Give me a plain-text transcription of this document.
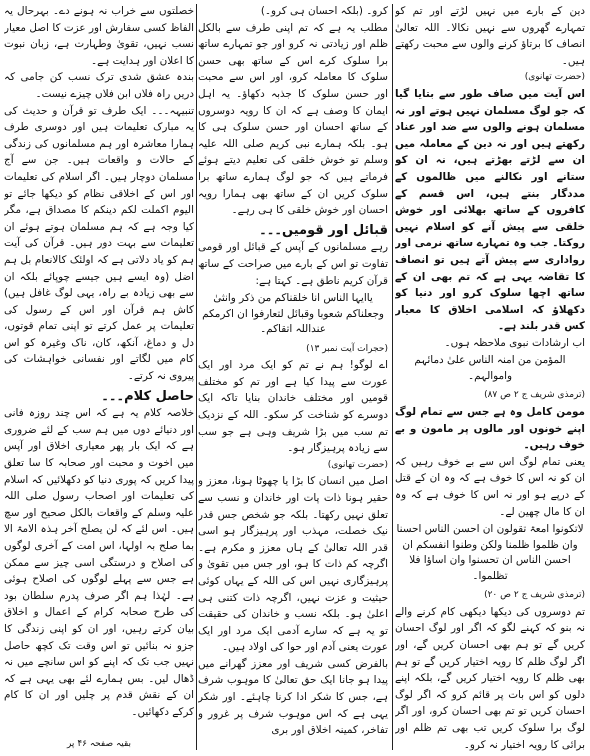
دین کے بارے میں نہیں لڑتے اور تم کو تمہارے گھروں سے نہیں نکالا۔ اللہ تعالیٰ انصاف کا برتاؤ کرنے والوں سے محبت رکھتے ہیں۔

(حضرت تھانوی)

اس آیت میں صاف طور سے بتایا گیا کہ جو لوگ مسلمان نہیں ہوتے اور نہ مسلمان ہونے والوں سے ضد اور عناد رکھتے ہیں اور نہ دین کے معاملہ میں ان سے لڑتے بھڑتے ہیں، نہ ان کو ستانے اور نکالنے میں ظالموں کے مددگار بنتے ہیں، اس قسم کے کافروں کے ساتھ بھلائی اور خوش خلقی سے پیش آنے کو اسلام نہیں روکتا۔ جب وہ تمہارے ساتھ نرمی اور رواداری سے پیش آتے ہیں تو انصاف کا تقاضہ یہی ہے کہ تم بھی ان کے ساتھ اچھا سلوک کرو اور دنیا کو دکھلاؤ کہ اسلامی اخلاق کا معیار کس قدر بلند ہے۔

اب ارشادات نبوی ملاحظہ ہوں۔

المؤمن من امنہ الناس علیٰ دمائہم واموالہم۔

(ترمذی شریف ج ۲ ص ۸۷)

مومن کامل وہ ہے جس سے تمام لوگ اپنے خونوں اور مالوں پر مامون و بے خوف رہیں۔

یعنی تمام لوگ اس سے بے خوف رہیں کہ ان کو نہ اس کا خوف ہے کہ وہ ان کے قتل کے درپے ہو اور نہ اس کا خوف ہے کہ وہ ان کا مال چھین لے۔

لاتکونوا امعۃ تقولون ان احسن الناس احسنا وان ظلموا ظلمنا ولکن وطنوا انفسکم ان احسن الناس ان تحسنوا وان اساؤا فلا تظلموا۔

(ترمذی شریف ج ۲ ص ۲۰)

تم دوسروں کی دیکھا دیکھی کام کرنے والے نہ بنو کہ کہنے لگو کہ اگر اور لوگ احسان کریں گے تو ہم بھی احسان کریں گے، اور اگر لوگ ظلم کا رویہ اختیار کریں گے تو ہم بھی ظلم کا رویہ اختیار کریں گے، بلکہ اپنے دلوں کو اس بات پر قائم کرو کہ اگر لوگ احسان کریں تو تم بھی احسان کرو، اور اگر لوگ برا سلوک کریں تب بھی تم ظلم اور برائی کا رویہ اختیار نہ کرو۔

کرو۔ (بلکہ احسان ہی کرو۔)

مطلب یہ ہے کہ تم اپنی طرف سے بالکل ظلم اور زیادتی نہ کرو اور جو تمہارے ساتھ برا سلوک کرے اس کے ساتھ بھی حسن سلوک کا معاملہ کرو، اور اس سے محبت اور حسن سلوک کا جذبہ دکھاؤ۔ یہ اہل ایمان کا وصف ہے کہ ان کا رویہ دوسروں کے ساتھ احسان اور حسن سلوک ہی کا ہو۔ بلکہ ہمارے نبی کریم صلی اللہ علیہ وسلم تو خوش خلقی کی تعلیم دیتے ہوئے فرماتے ہیں کہ جو لوگ ہمارے ساتھ برا سلوک کریں ان کے ساتھ بھی ہمارا رویہ احسان اور خوش خلقی کا ہی رہے۔

قبائل اور قومیں۔۔۔

رہے مسلمانوں کے آپس کے قبائل اور قومی تفاوت تو اس کے بارے میں صراحت کے ساتھ قرآن کریم ناطق ہے۔ کہتا ہے:

یاایہا الناس انا خلقناکم من ذکر وانثیٰ وجعلناکم شعوبا وقبائل لتعارفوا ان اکرمکم عنداللہ اتقاکم۔

(حجرات آیت نمبر ۱۳)

اے لوگو! ہم نے تم کو ایک مرد اور ایک عورت سے پیدا کیا ہے اور تم کو مختلف قومیں اور مختلف خاندان بنایا تاکہ ایک دوسرے کو شناخت کر سکو۔ اللہ کے نزدیک تم سب میں بڑا شریف وہی ہے جو سب سے زیادہ پرہیزگار ہو۔

(حضرت تھانوی)

اصل میں انسان کا بڑا یا چھوٹا ہونا، معزز و حقیر ہونا ذات پات اور خاندان و نسب سے تعلق نہیں رکھتا۔ بلکہ جو شخص جس قدر نیک خصلت، مہذب اور پرہیزگار ہو اسی قدر اللہ تعالیٰ کے ہاں معزز و مکرم ہے۔ اگرچہ کم ذات کا ہو، اور جس میں تقویٰ و پرہیزگاری نہیں اس کی اللہ کے یہاں کوئی حیثیت و عزت نہیں، اگرچہ ذات کتنی ہی اعلیٰ ہو۔ بلکہ نسب و خاندان کی حقیقت تو یہ ہے کہ سارے آدمی ایک مرد اور ایک عورت یعنی آدم اور حوا کی اولاد ہیں۔

بالفرض کسی شریف اور معزز گھرانے میں پیدا ہو جانا ایک حق تعالیٰ کا موہوب شرف ہے، جس کا شکر ادا کرنا چاہئے۔ اور شکر یہی ہے کہ اس موہوب شرف پر غرور و تفاخر، کمینہ اخلاق اور بری

خصلتوں سے خراب نہ ہونے دے۔ بہرحال یہ الفاظ کسی سفارش اور عزت کا اصل معیار نسب نہیں، تقویٰ وطہارت ہے، زبان نبوت کا اعلان اور ہدایت ہے۔

بندہ عشق شدی ترک نسب کن جامی کہ دریں راہ فلاں ابن فلاں چیزے نیست۔

تنبیہہ۔۔۔ ایک طرف تو قرآن و حدیث کی یہ مبارک تعلیمات ہیں اور دوسری طرف ہمارا معاشرہ اور ہم مسلمانوں کی زندگی کے حالات و واقعات ہیں۔ جن سے آج مسلمان دوچار ہیں۔ اگر اسلام کی تعلیمات اور اس کے اخلاقی نظام کو دیکھا جائے تو الیوم اکملت لکم دینکم کا مصداق ہے، مگر کیا وجہ ہے کہ ہم مسلمان ہوتے ہوئے ان تعلیمات سے بہت دور ہیں۔ قرآن کی آیت ہم کو یاد دلاتی ہے کہ اولئک کالانعام بل ہم اضل (وہ ایسے ہیں جیسے چوپائے بلکہ ان سے بھی زیادہ بے راہ، یہی لوگ غافل ہیں) کاش ہم قرآن اور اس کے رسول کی تعلیمات پر عمل کرتے تو اپنی تمام قوتوں، دل و دماغ، آنکھ، کان، ناک وغیرہ کو اس کام میں لگاتے اور نفسانی خواہشات کی پیروی نہ کرتے۔

حاصل کلام۔۔۔

خلاصہ کلام یہ ہے کہ اس چند روزہ فانی اور دنیائے دوں میں ہم سب کے لئے ضروری ہے کہ ایک بار پھر معیاری اخلاق اور آپس میں اخوت و محبت اور صحابہ کا سا تعلق پیدا کریں کہ پوری دنیا کو دکھلائیں کہ اسلام کی تعلیمات اور اصحاب رسول صلی اللہ علیہ وسلم کے واقعات بالکل صحیح اور سچ ہیں۔ اس لئے کہ لن یصلح آخر ہذہ الامۃ الا بما صلح بہ اولہا، اس امت کے آخری لوگوں کی اصلاح و درستگی اسی چیز سے ممکن ہے جس سے پہلے لوگوں کی اصلاح ہوئی ہے۔ لہٰذا ہم اگر صرف پدرم سلطان بود کی طرح صحابہ کرام کے اعمال و اخلاق بیان کرتے رہیں، اور ان کو اپنی زندگی کا جزو نہ بنائیں تو اس وقت تک کچھ حاصل نہیں جب تک کہ اپنے کو اس سانچے میں نہ ڈھال لیں۔ بس ہمارے لئے بھی یہی ہے کہ ان کے نقش قدم پر چلیں اور ان کا کام کرکے دکھائیں۔

بقیہ صفحہ ۴۶ پر
